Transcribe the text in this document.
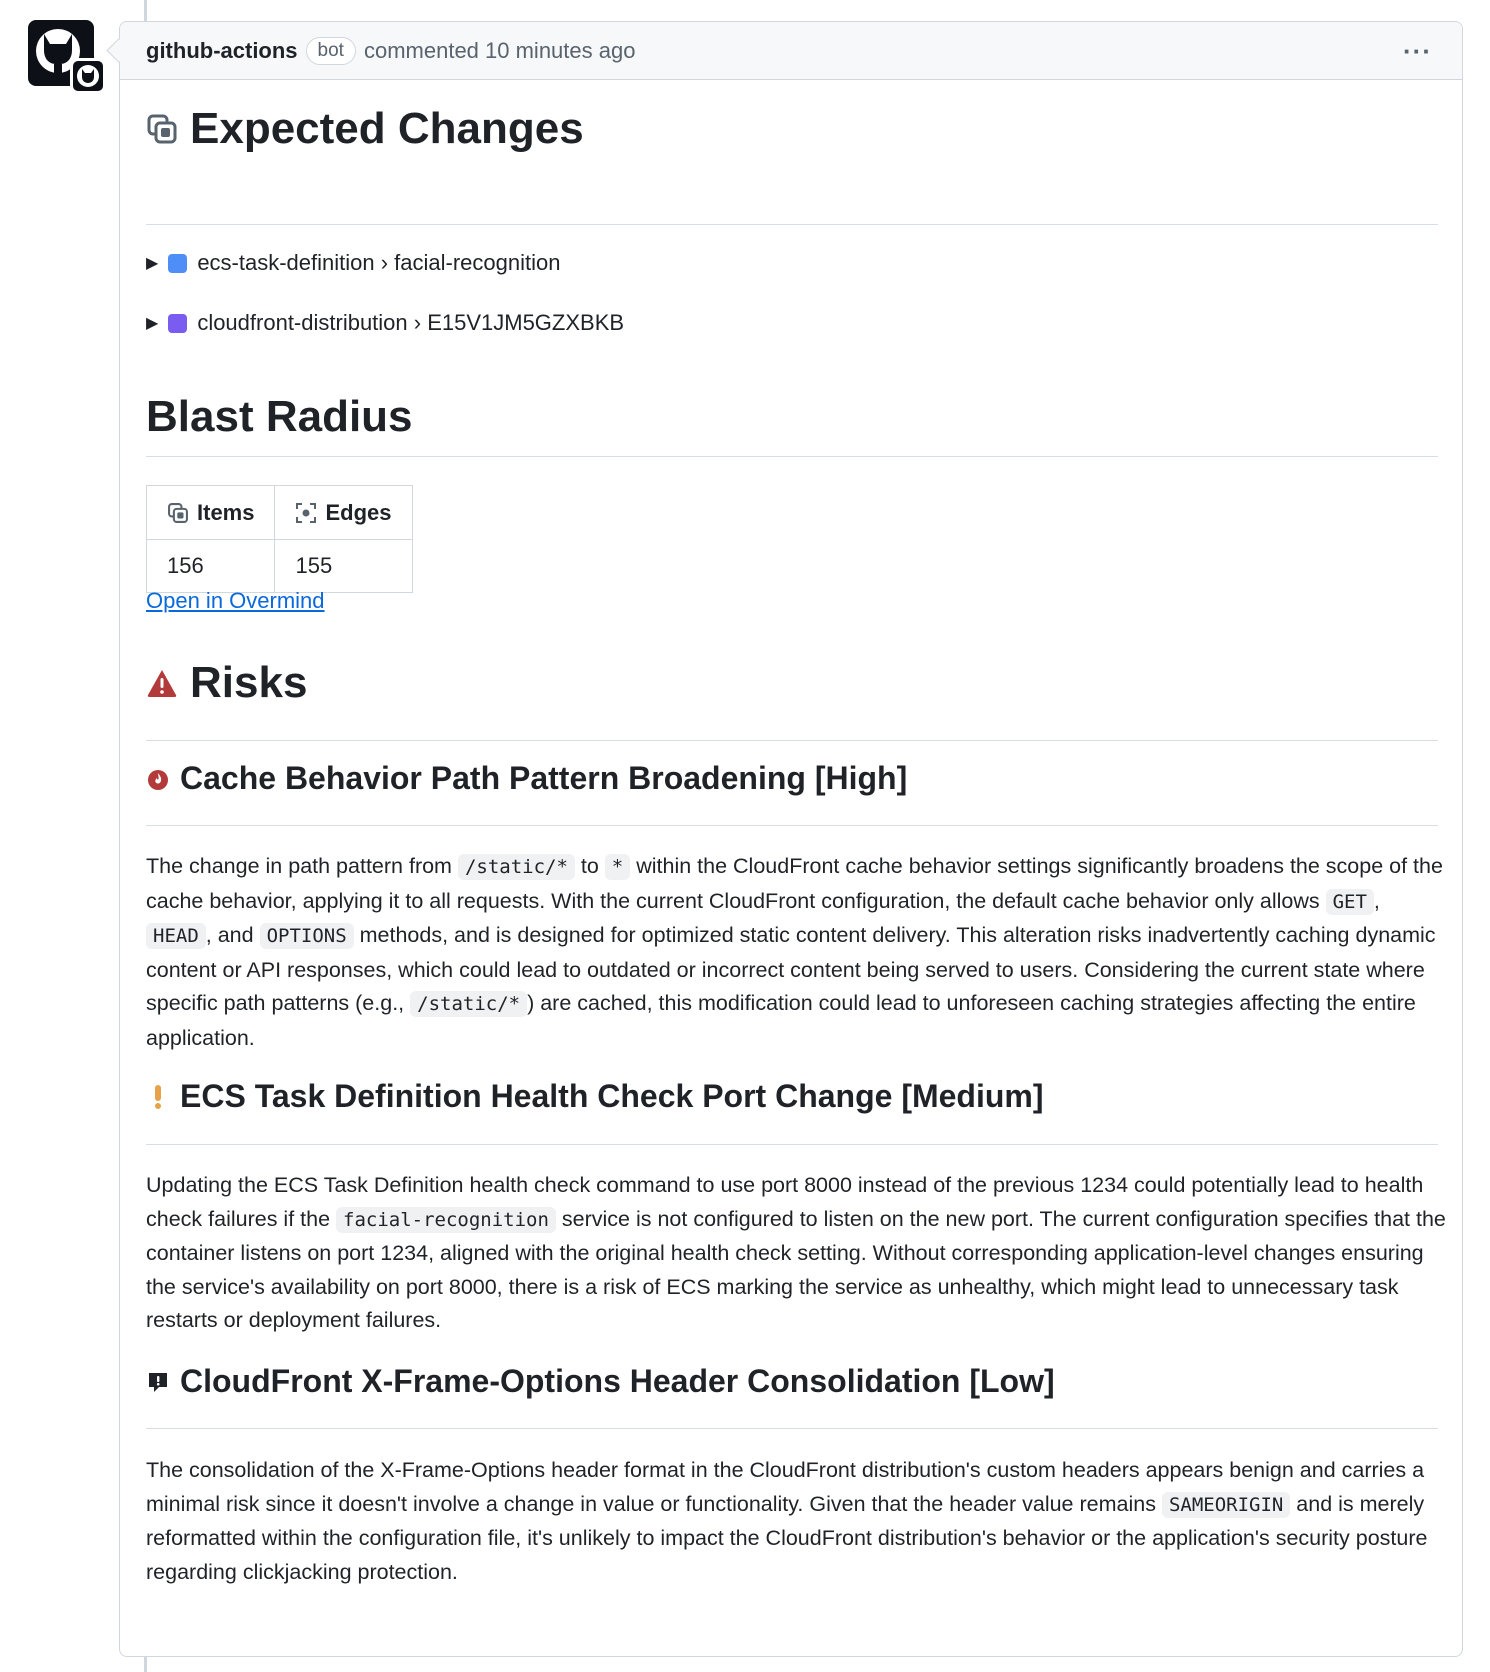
github-actions	bot commented 10 minutes ago	···
Expected Changes
▶ ecs-task-definition › facial-recognition
▶ cloudfront-distribution › E15V1JM5GZXBKB
Blast Radius
Items	Edges

156	155
Open in Overmind
Risks
Cache Behavior Path Pattern Broadening [High]

The change in path pattern from /static/* to * within the CloudFront cache behavior settings significantly broadens the scope of the cache behavior, applying it to all requests. With the current CloudFront configuration, the default cache behavior only allows GET , HEAD , and OPTIONS methods, and is designed for optimized static content delivery. This alteration risks inadvertently caching dynamic content or API responses, which could lead to outdated or incorrect content being served to users. Considering the current state where specific path patterns (e.g., /static/* ) are cached, this modification could lead to unforeseen caching strategies affecting the entire application.

ECS Task Definition Health Check Port Change [Medium]

Updating the ECS Task Definition health check command to use port 8000 instead of the previous 1234 could potentially lead to health check failures if the facial-recognition service is not configured to listen on the new port. The current configuration specifies that the container listens on port 1234, aligned with the original health check setting. Without corresponding application-level changes ensuring the service's availability on port 8000, there is a risk of ECS marking the service as unhealthy, which might lead to unnecessary task restarts or deployment failures.

CloudFront X-Frame-Options Header Consolidation [Low]

The consolidation of the X-Frame-Options header format in the CloudFront distribution's custom headers appears benign and carries a minimal risk since it doesn't involve a change in value or functionality. Given that the header value remains SAMEORIGIN and is merely reformatted within the configuration file, it's unlikely to impact the CloudFront distribution's behavior or the application's security posture regarding clickjacking protection.
